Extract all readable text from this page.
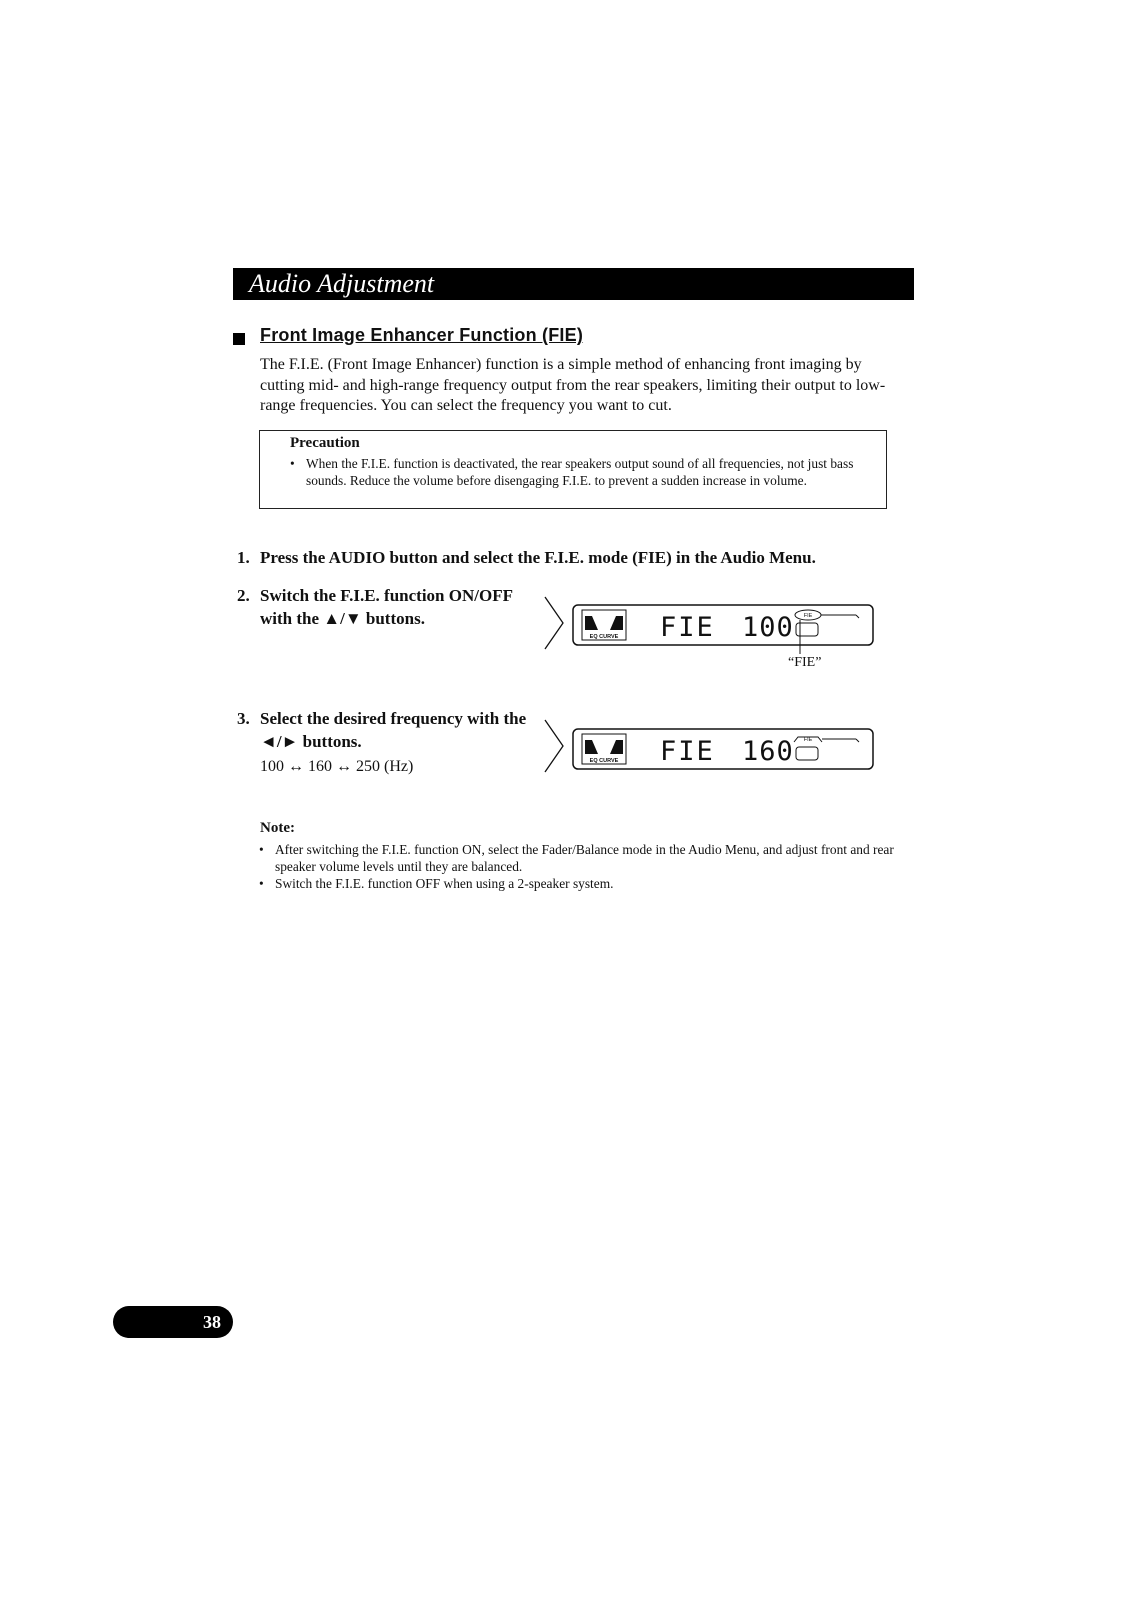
Audio Adjustment
Front Image Enhancer Function (FIE)
The F.I.E. (Front Image Enhancer) function is a simple method of enhancing front imaging by cutting mid- and high-range frequency output from the rear speakers, limiting their output to low-range frequencies. You can select the frequency you want to cut.
Precaution
• When the F.I.E. function is deactivated, the rear speakers output sound of all frequencies, not just bass sounds. Reduce the volume before disengaging F.I.E. to prevent a sudden increase in volume.
1. Press the AUDIO button and select the F.I.E. mode (FIE) in the Audio Menu.
2. Switch the F.I.E. function ON/OFF with the ▲/▼ buttons.
3. Select the desired frequency with the ◄/► buttons.
100 ↔ 160 ↔ 250 (Hz)
EQ CURVE FIE 100 FIE
“FIE”
EQ CURVE FIE 160 FIE
Note:
• After switching the F.I.E. function ON, select the Fader/Balance mode in the Audio Menu, and adjust front and rear speaker volume levels until they are balanced.
• Switch the F.I.E. function OFF when using a 2-speaker system.
38
